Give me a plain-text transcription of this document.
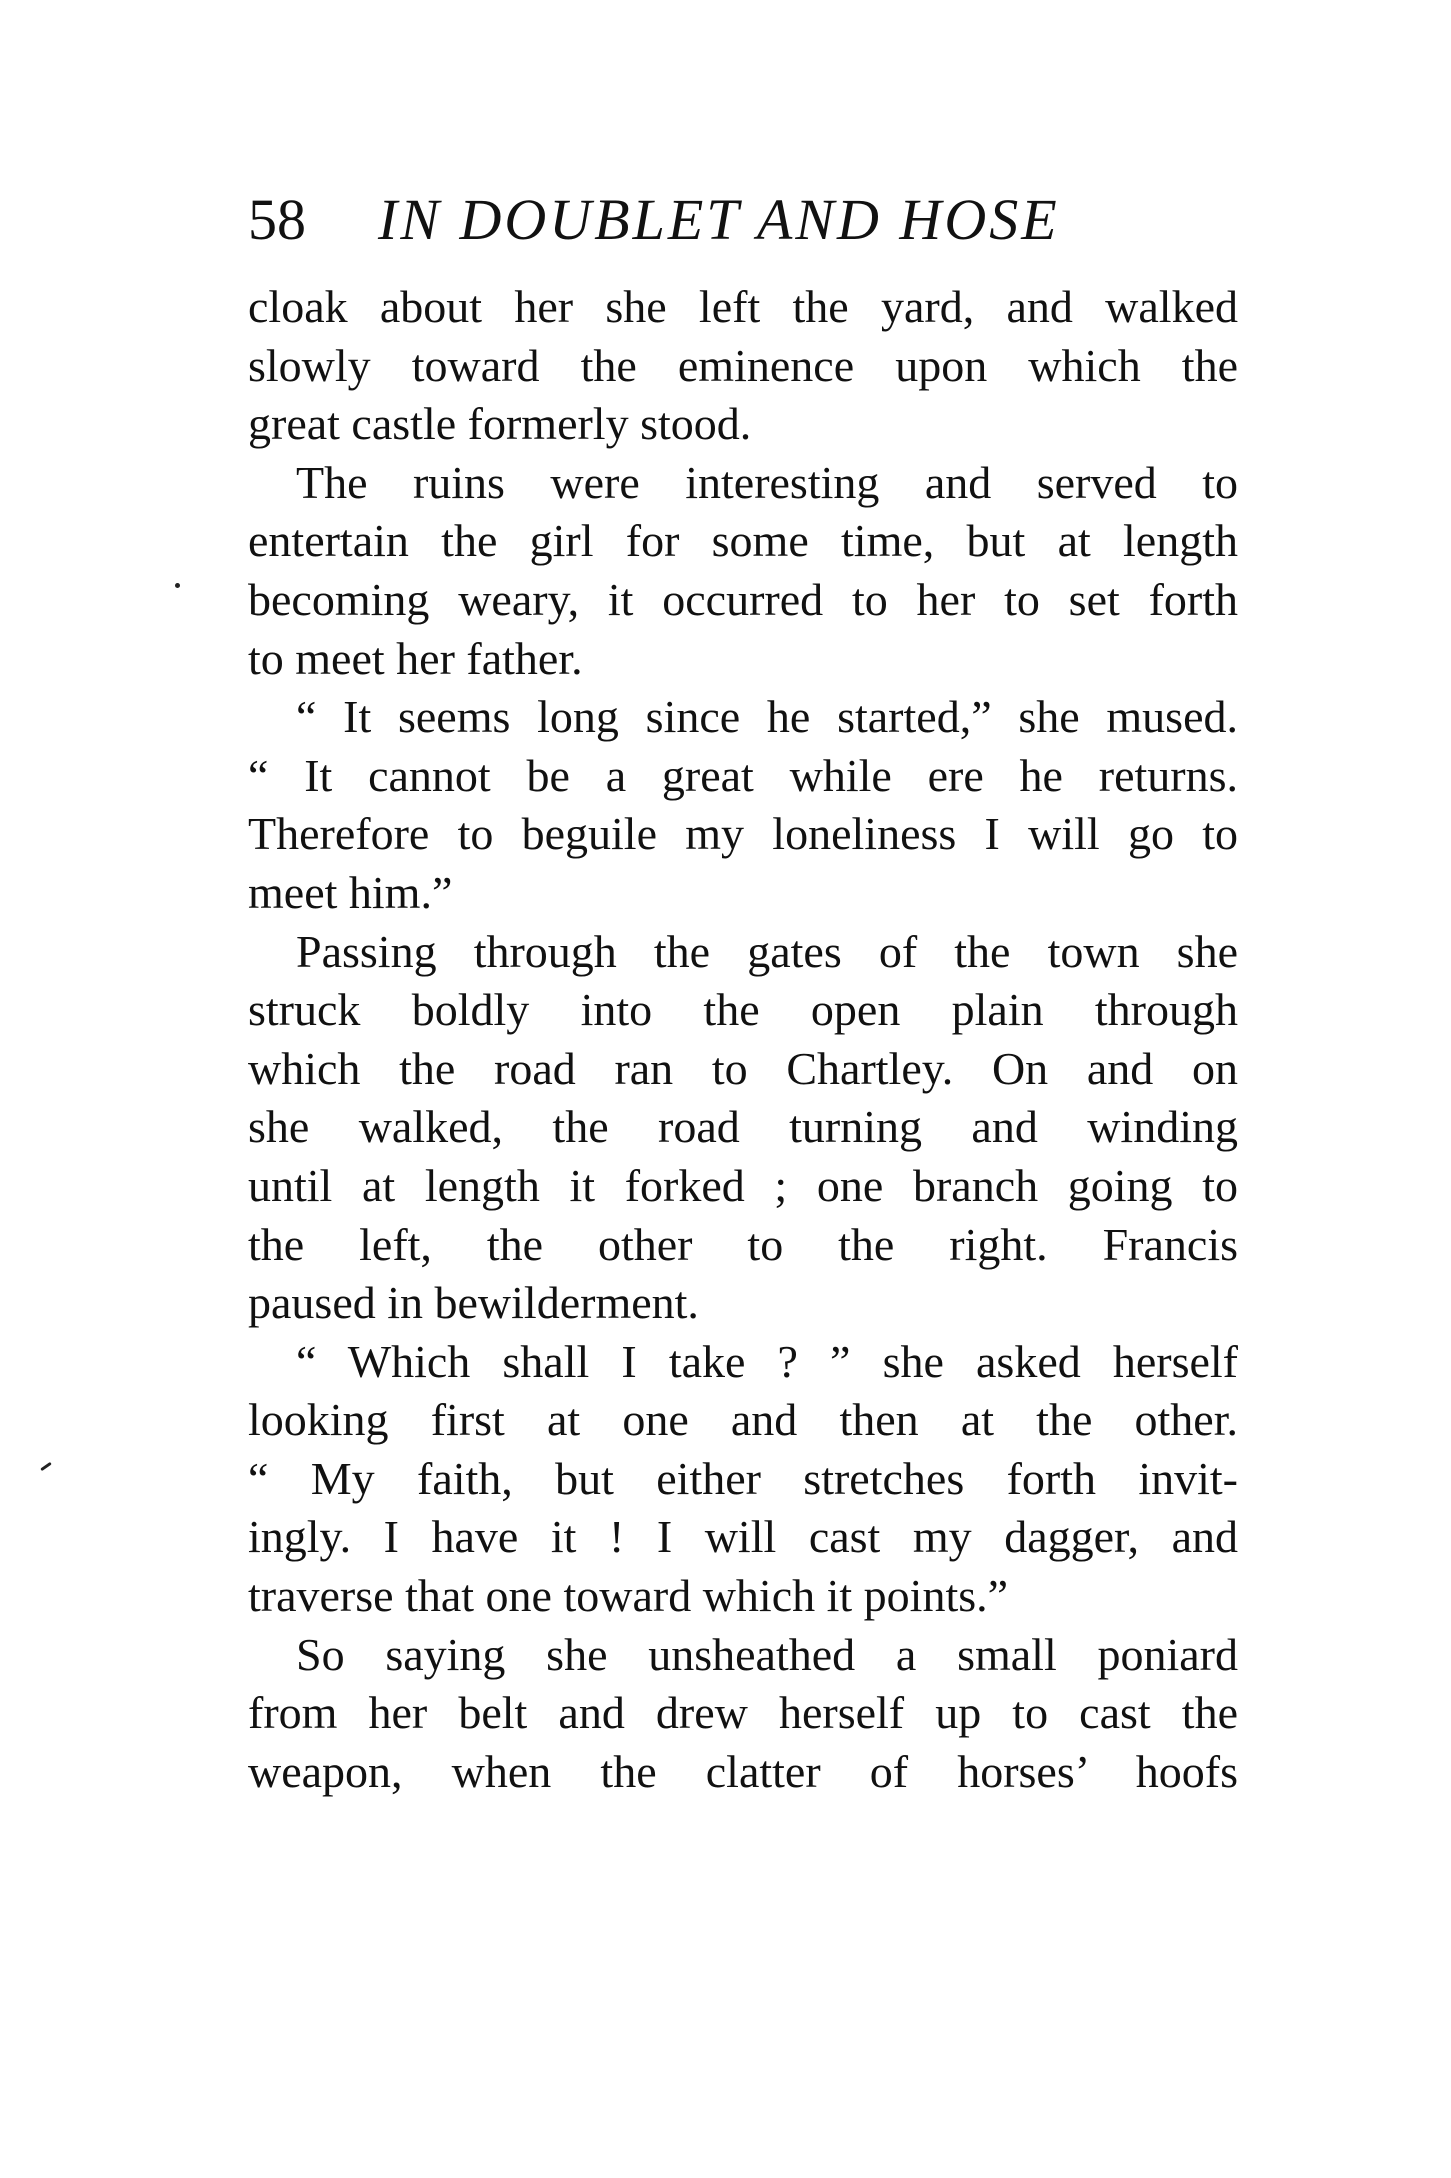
58 IN DOUBLET AND HOSE
cloak about her she left the yard, and walked
slowly toward the eminence upon which the
great castle formerly stood.
The ruins were interesting and served to
entertain the girl for some time, but at length
becoming weary, it occurred to her to set forth
to meet her father.
“ It seems long since he started,” she mused.
“ It cannot be a great while ere he returns.
Therefore to beguile my loneliness I will go to
meet him.”
Passing through the gates of the town she
struck boldly into the open plain through
which the road ran to Chartley. On and on
she walked, the road turning and winding
until at length it forked ; one branch going to
the left, the other to the right. Francis
paused in bewilderment.
“ Which shall I take ? ” she asked herself
looking first at one and then at the other.
“ My faith, but either stretches forth invit-
ingly. I have it ! I will cast my dagger, and
traverse that one toward which it points.”
So saying she unsheathed a small poniard
from her belt and drew herself up to cast the
weapon, when the clatter of horses’ hoofs
